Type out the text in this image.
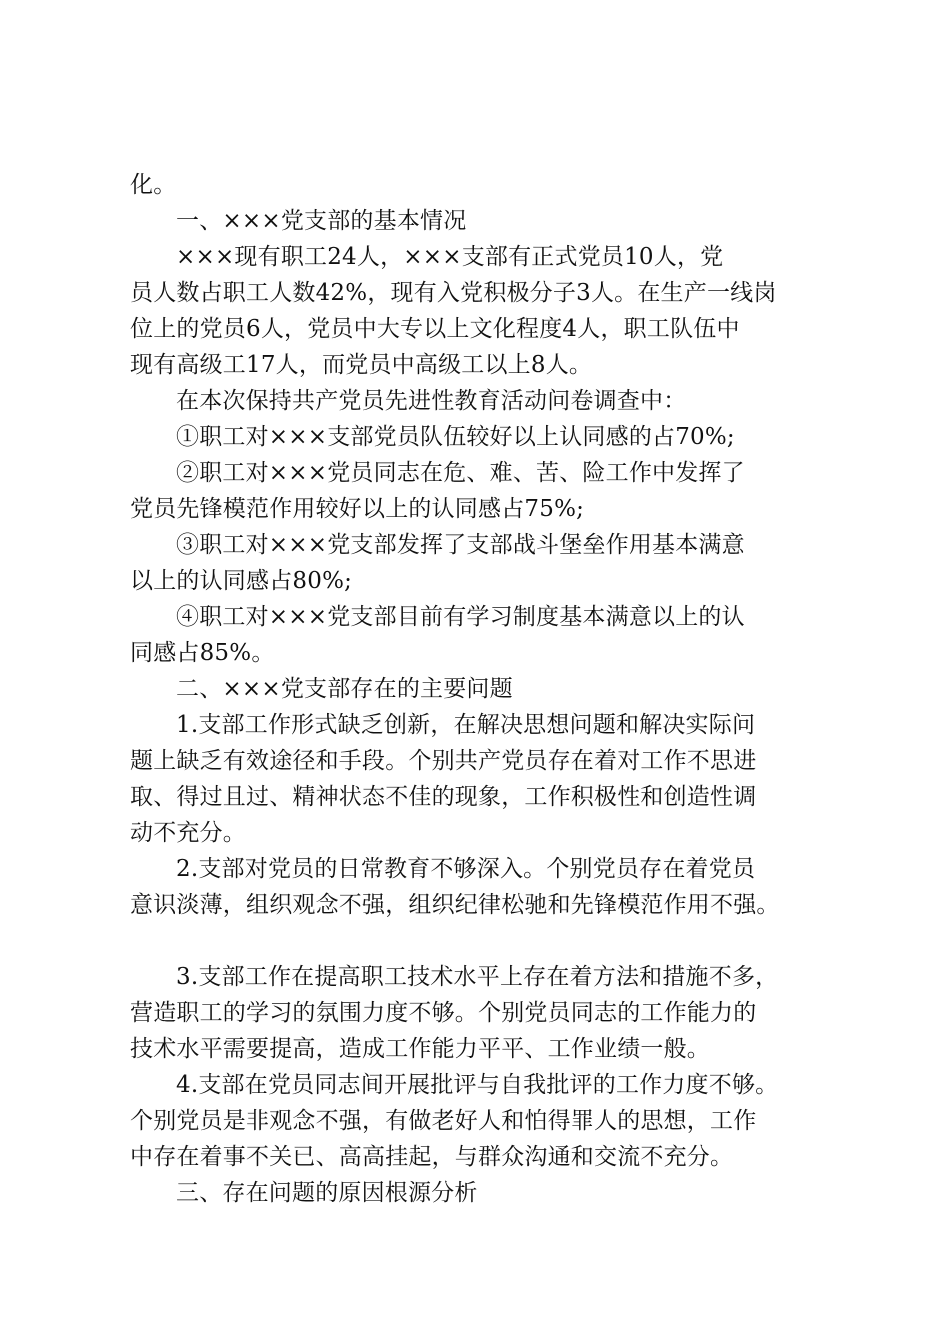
化。
一、×××党支部的基本情况
×××现有职工24人，×××支部有正式党员10人，党
员人数占职工人数42%，现有入党积极分子3人。在生产一线岗
位上的党员6人，党员中大专以上文化程度4人，职工队伍中
现有高级工17人，而党员中高级工以上8人。
在本次保持共产党员先进性教育活动问卷调查中：
①职工对×××支部党员队伍较好以上认同感的占70%;
②职工对×××党员同志在危、难、苦、险工作中发挥了
党员先锋模范作用较好以上的认同感占75%;
③职工对×××党支部发挥了支部战斗堡垒作用基本满意
以上的认同感占80%;
④职工对×××党支部目前有学习制度基本满意以上的认
同感占85%。
二、×××党支部存在的主要问题
1.支部工作形式缺乏创新，在解决思想问题和解决实际问
题上缺乏有效途径和手段。个别共产党员存在着对工作不思进
取、得过且过、精神状态不佳的现象，工作积极性和创造性调
动不充分。
2.支部对党员的日常教育不够深入。个别党员存在着党员
意识淡薄，组织观念不强，组织纪律松驰和先锋模范作用不强。
3.支部工作在提高职工技术水平上存在着方法和措施不多，
营造职工的学习的氛围力度不够。个别党员同志的工作能力的
技术水平需要提高，造成工作能力平平、工作业绩一般。
4.支部在党员同志间开展批评与自我批评的工作力度不够。
个别党员是非观念不强，有做老好人和怕得罪人的思想，工作
中存在着事不关已、高高挂起，与群众沟通和交流不充分。
三、存在问题的原因根源分析
